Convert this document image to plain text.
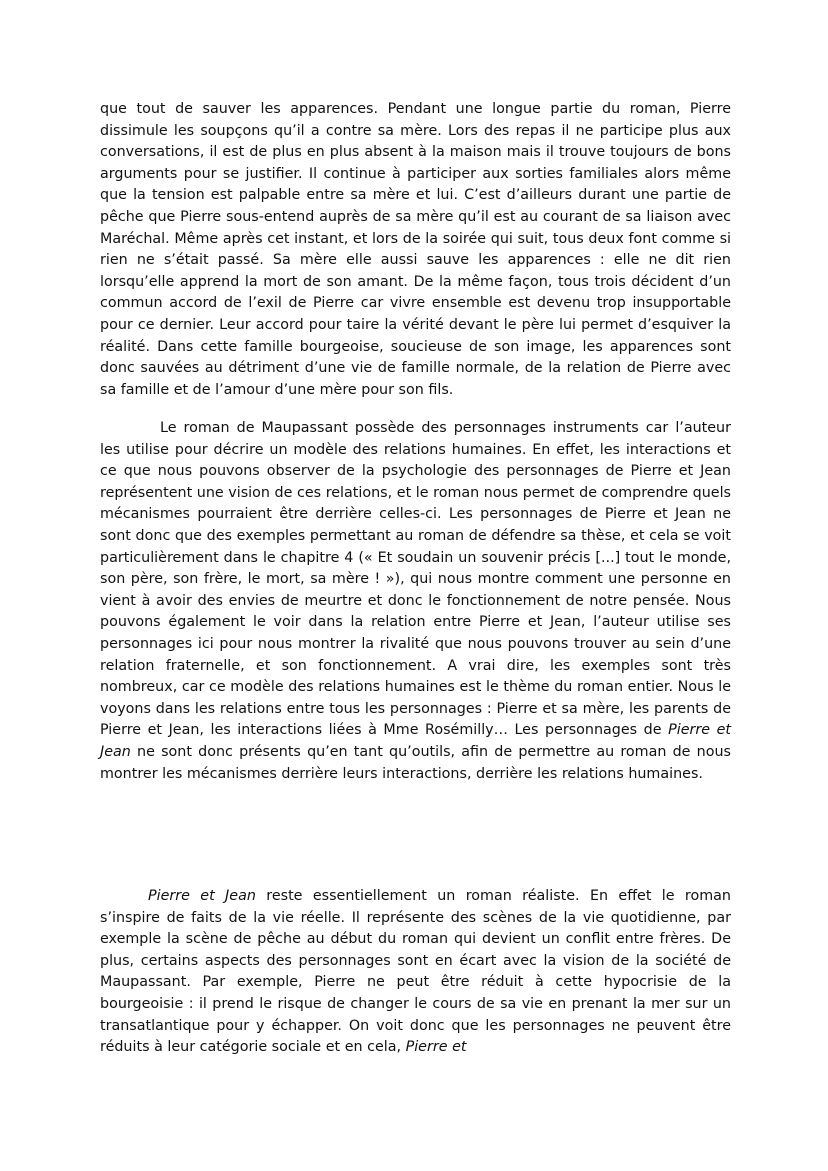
que tout de sauver les apparences. Pendant une longue partie du roman, Pierre dissimule les soupçons qu’il a contre sa mère. Lors des repas il ne participe plus aux conversations, il est de plus en plus absent à la maison mais il trouve toujours de bons arguments pour se justifier. Il continue à participer aux sorties familiales alors même que la tension est palpable entre sa mère et lui. C’est d’ailleurs durant une partie de pêche que Pierre sous-entend auprès de sa mère qu’il est au courant de sa liaison avec Maréchal. Même après cet instant, et lors de la soirée qui suit, tous deux font comme si rien ne s’était passé. Sa mère elle aussi sauve les apparences : elle ne dit rien lorsqu’elle apprend la mort de son amant. De la même façon, tous trois décident d’un commun accord de l’exil de Pierre car vivre ensemble est devenu trop insupportable pour ce dernier. Leur accord pour taire la vérité devant le père lui permet d’esquiver la réalité. Dans cette famille bourgeoise, soucieuse de son image, les apparences sont donc sauvées au détriment d’une vie de famille normale, de la relation de Pierre avec sa famille et de l’amour d’une mère pour son fils.

Le roman de Maupassant possède des personnages instruments car l’auteur les utilise pour décrire un modèle des relations humaines. En effet, les interactions et ce que nous pouvons observer de la psychologie des personnages de Pierre et Jean représentent une vision de ces relations, et le roman nous permet de comprendre quels mécanismes pourraient être derrière celles-ci. Les personnages de Pierre et Jean ne sont donc que des exemples permettant au roman de défendre sa thèse, et cela se voit particulièrement dans le chapitre 4 (« Et soudain un souvenir précis [...] tout le monde, son père, son frère, le mort, sa mère ! »), qui nous montre comment une personne en vient à avoir des envies de meurtre et donc le fonctionnement de notre pensée. Nous pouvons également le voir dans la relation entre Pierre et Jean, l’auteur utilise ses personnages ici pour nous montrer la rivalité que nous pouvons trouver au sein d’une relation fraternelle, et son fonctionnement. A vrai dire, les exemples sont très nombreux, car ce modèle des relations humaines est le thème du roman entier. Nous le voyons dans les relations entre tous les personnages : Pierre et sa mère, les parents de Pierre et Jean, les interactions liées à Mme Rosémilly… Les personnages de Pierre et Jean ne sont donc présents qu’en tant qu’outils, afin de permettre au roman de nous montrer les mécanismes derrière leurs interactions, derrière les relations humaines.

Pierre et Jean reste essentiellement un roman réaliste. En effet le roman s’inspire de faits de la vie réelle. Il représente des scènes de la vie quotidienne, par exemple la scène de pêche au début du roman qui devient un conflit entre frères. De plus, certains aspects des personnages sont en écart avec la vision de la société de Maupassant. Par exemple, Pierre ne peut être réduit à cette hypocrisie de la bourgeoisie : il prend le risque de changer le cours de sa vie en prenant la mer sur un transatlantique pour y échapper. On voit donc que les personnages ne peuvent être réduits à leur catégorie sociale et en cela, Pierre et
